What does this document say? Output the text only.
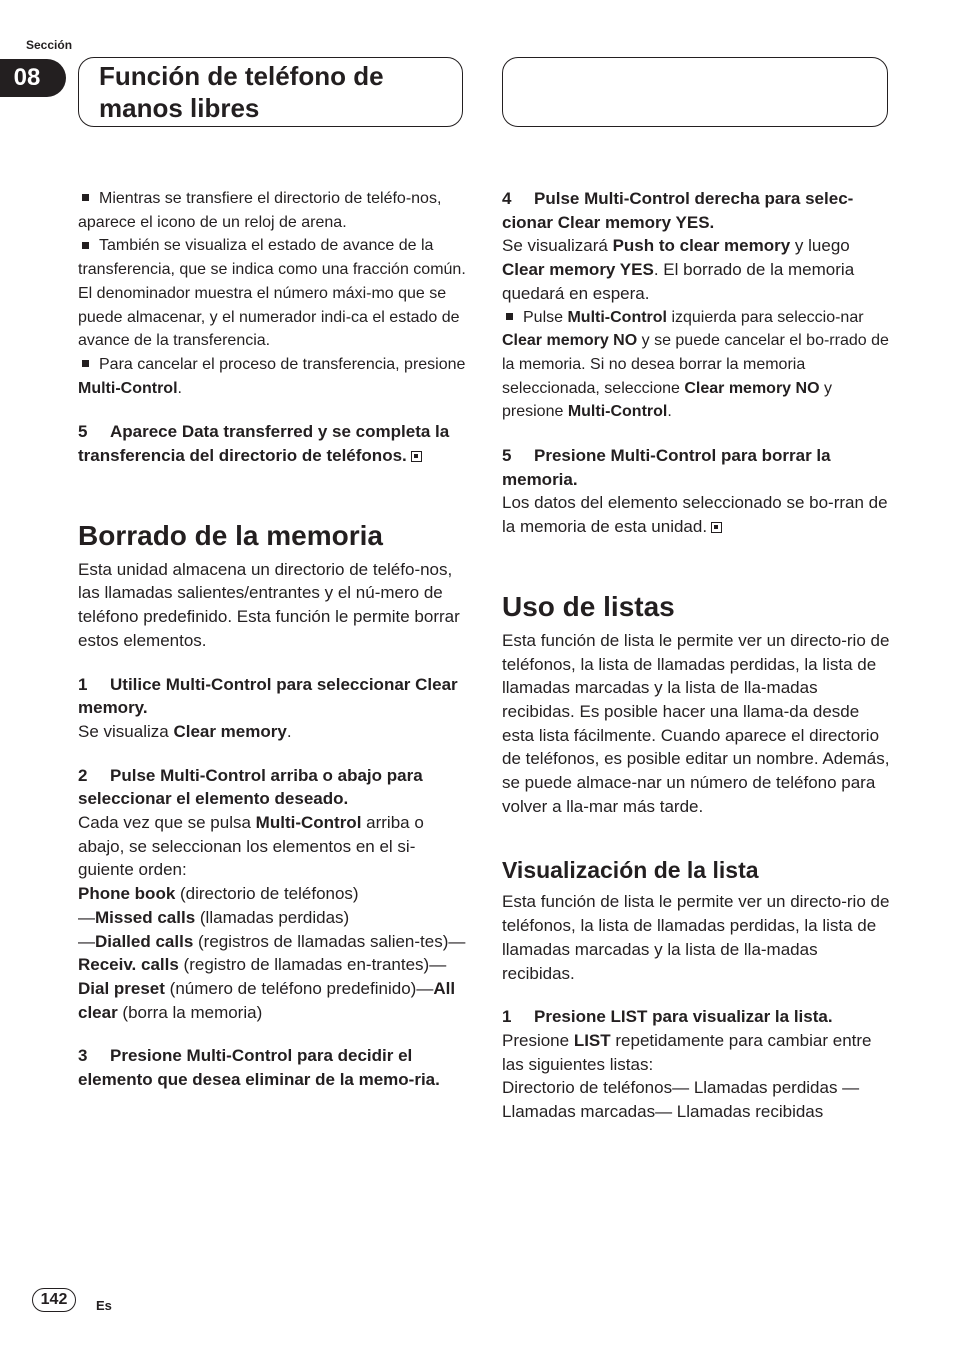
Sección
08	Función de teléfono de manos libres

Mientras se transfiere el directorio de teléfo-nos, aparece el icono de un reloj de arena.

También se visualiza el estado de avance de la transferencia, que se indica como una fracción común. El denominador muestra el número máxi-mo que se puede almacenar, y el numerador indi-ca el estado de avance de la transferencia.

Para cancelar el proceso de transferencia, presione Multi-Control.

5 Aparece Data transferred y se completa la transferencia del directorio de teléfonos.

Borrado de la memoria

Esta unidad almacena un directorio de teléfo-nos, las llamadas salientes/entrantes y el nú-mero de teléfono predefinido. Esta función le permite borrar estos elementos.

1 Utilice Multi-Control para seleccionar Clear memory.

Se visualiza Clear memory.

2 Pulse Multi-Control arriba o abajo para seleccionar el elemento deseado.

Cada vez que se pulsa Multi-Control arriba o abajo, se seleccionan los elementos en el si-guiente orden:

Phone book (directorio de teléfonos)
—Missed calls (llamadas perdidas)
—Dialled calls (registros de llamadas salien-tes)—Receiv. calls (registro de llamadas en-trantes)—Dial preset (número de teléfono predefinido)—All clear (borra la memoria)

3 Presione Multi-Control para decidir el elemento que desea eliminar de la memo-ria.

4 Pulse Multi-Control derecha para selec-cionar Clear memory YES.

Se visualizará Push to clear memory y luego Clear memory YES. El borrado de la memoria quedará en espera.

Pulse Multi-Control izquierda para seleccio-nar Clear memory NO y se puede cancelar el bo-rrado de la memoria. Si no desea borrar la memoria seleccionada, seleccione Clear memory NO y presione Multi-Control.

5 Presione Multi-Control para borrar la memoria.

Los datos del elemento seleccionado se bo-rran de la memoria de esta unidad.

Uso de listas

Esta función de lista le permite ver un directo-rio de teléfonos, la lista de llamadas perdidas, la lista de llamadas marcadas y la lista de lla-madas recibidas. Es posible hacer una llama-da desde esta lista fácilmente. Cuando aparece el directorio de teléfonos, es posible editar un nombre. Además, se puede almace-nar un número de teléfono para volver a lla-mar más tarde.

Visualización de la lista

Esta función de lista le permite ver un directo-rio de teléfonos, la lista de llamadas perdidas, la lista de llamadas marcadas y la lista de lla-madas recibidas.

1 Presione LIST para visualizar la lista.

Presione LIST repetidamente para cambiar entre las siguientes listas:

Directorio de teléfonos— Llamadas perdidas — Llamadas marcadas— Llamadas recibidas

142	Es
